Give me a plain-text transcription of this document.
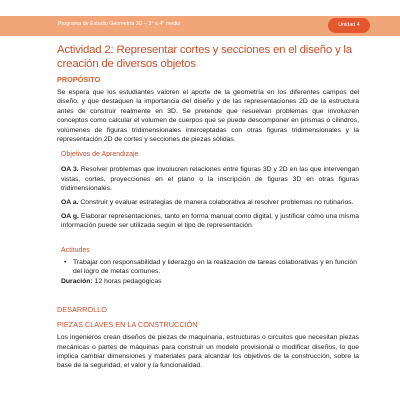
Programa de Estudio Geometría 3D – 3° a 4° medio	Unidad 4
Actividad 2: Representar cortes y secciones en el diseño y la creación de diversos objetos
PROPÓSITO

Se espera que los estudiantes valoren el aporte de la geometría en los diferentes campos del diseño, y que destaquen la importancia del diseño y de las representaciones 2D de la estructura antes de construir realmente en 3D. Se pretende que resuelvan problemas que involucren conceptos como calcular el volumen de cuerpos que se puede descomponer en prismas o cilindros, volúmenes de figuras tridimensionales interceptadas con otras figuras tridimensionales y la representación 2D de cortes y secciones de piezas sólidas.

Objetivos de Aprendizaje

OA 3. Resolver problemas que involucren relaciones entre figuras 3D y 2D en las que intervengan vistas, cortes, proyecciones en el plano o la inscripción de figuras 3D en otras figuras tridimensionales.

OA a. Construir y evaluar estrategias de manera colaborativa al resolver problemas no rutinarios.

OA g. Elaborar representaciones, tanto en forma manual como digital, y justificar cómo una misma información puede ser utilizada según el tipo de representación.

Actitudes
• Trabajar con responsabilidad y liderazgo en la realización de tareas colaborativas y en función del logro de metas comunes.

Duración: 12 horas pedagógicas

DESARROLLO
PIEZAS CLAVES EN LA CONSTRUCCIÓN

Los ingenieros crean diseños de piezas de maquinaria, estructuras o circuitos que necesitan piezas mecánicas o partes de máquinas para construir un modelo provisional o modificar diseños, lo que implica cambiar dimensiones y materiales para alcanzar los objetivos de la construcción, sobre la base de la seguridad, el valor y la funcionalidad.
